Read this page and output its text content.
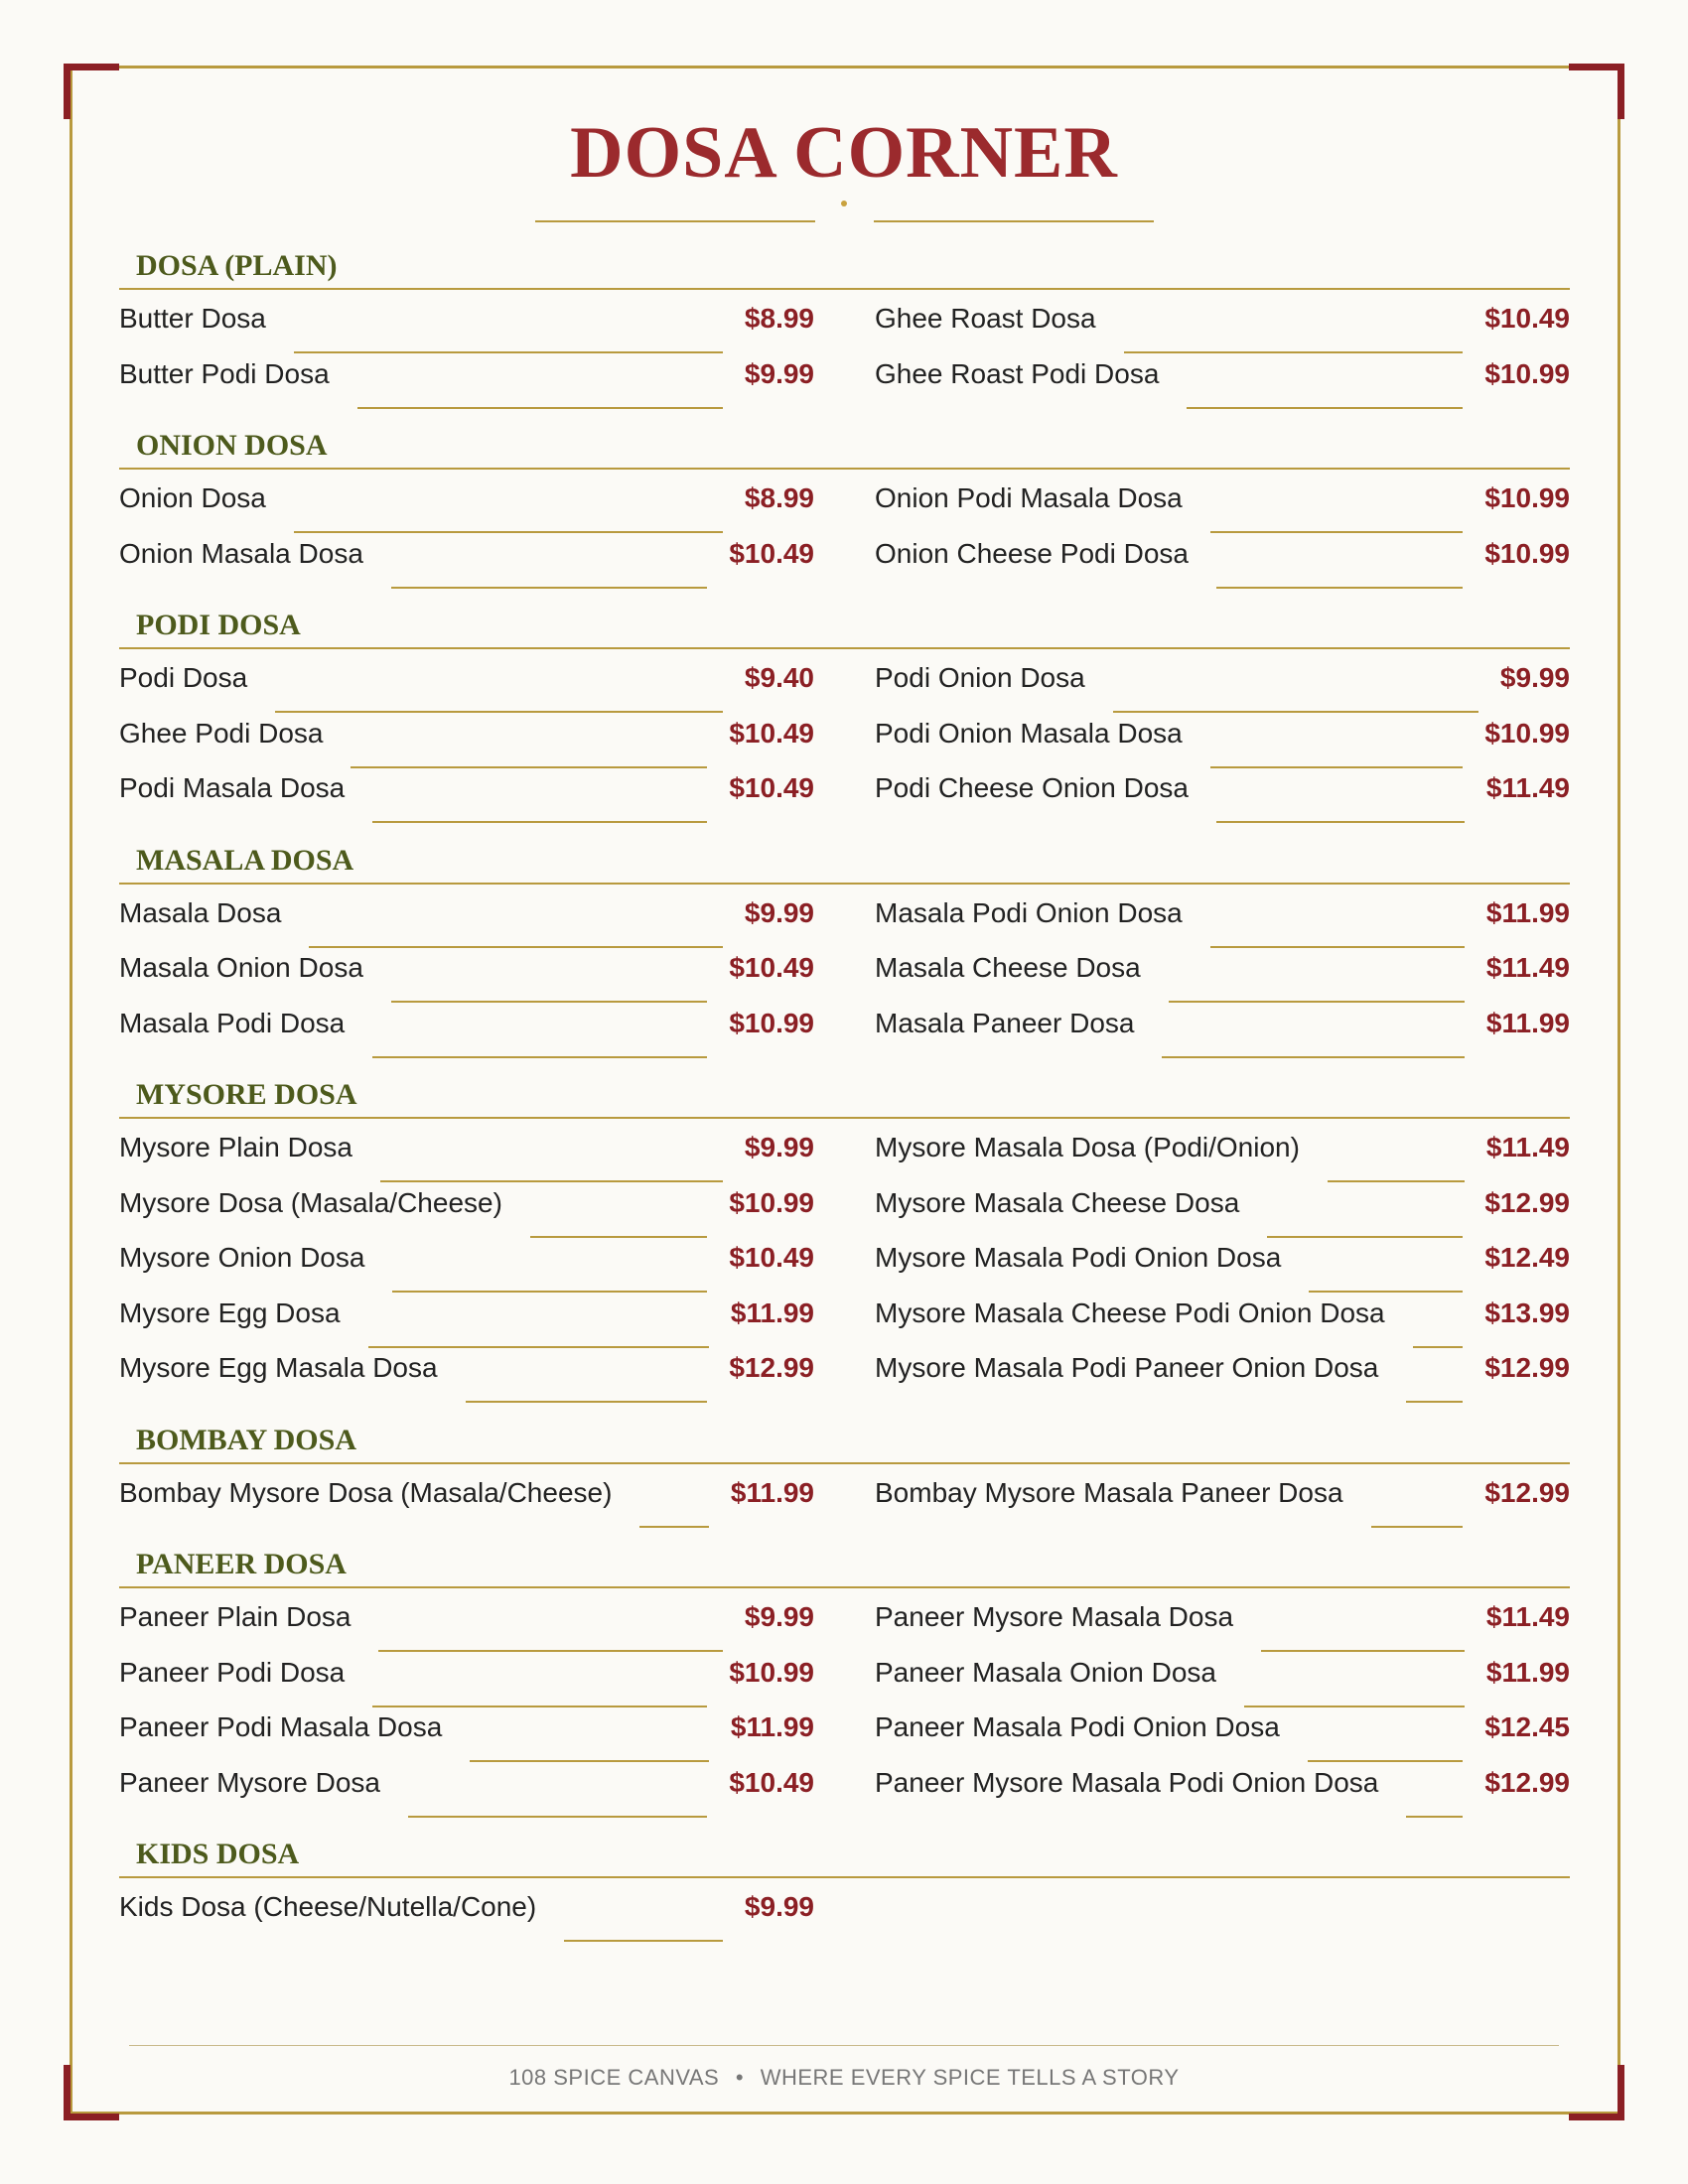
DOSA CORNER
DOSA (PLAIN)
Butter Dosa	$8.99 Ghee Roast Dosa	$10.49
Butter Podi Dosa	$9.99 Ghee Roast Podi Dosa	$10.99
ONION DOSA
Onion Dosa	$8.99 Onion Podi Masala Dosa	$10.99
Onion Masala Dosa	$10.49 Onion Cheese Podi Dosa	$10.99
PODI DOSA
Podi Dosa	$9.40 Podi Onion Dosa	$9.99
Ghee Podi Dosa	$10.49 Podi Onion Masala Dosa	$10.99
Podi Masala Dosa	$10.49 Podi Cheese Onion Dosa	$11.49
MASALA DOSA
Masala Dosa	$9.99 Masala Podi Onion Dosa	$11.99
Masala Onion Dosa	$10.49 Masala Cheese Dosa	$11.49
Masala Podi Dosa	$10.99 Masala Paneer Dosa	$11.99
MYSORE DOSA
Mysore Plain Dosa	$9.99 Mysore Masala Dosa (Podi/Onion)	$11.49
Mysore Dosa (Masala/Cheese)	$10.99 Mysore Masala Cheese Dosa	$12.99
Mysore Onion Dosa	$10.49 Mysore Masala Podi Onion Dosa	$12.49
Mysore Egg Dosa	$11.99 Mysore Masala Cheese Podi Onion Dosa	$13.99
Mysore Egg Masala Dosa	$12.99 Mysore Masala Podi Paneer Onion Dosa	$12.99
BOMBAY DOSA
Bombay Mysore Dosa (Masala/Cheese)	$11.99 Bombay Mysore Masala Paneer Dosa	$12.99
PANEER DOSA
Paneer Plain Dosa	$9.99 Paneer Mysore Masala Dosa	$11.49
Paneer Podi Dosa	$10.99 Paneer Masala Onion Dosa	$11.99
Paneer Podi Masala Dosa	$11.99 Paneer Masala Podi Onion Dosa	$12.45
Paneer Mysore Dosa	$10.49 Paneer Mysore Masala Podi Onion Dosa	$12.99
KIDS DOSA
Kids Dosa (Cheese/Nutella/Cone)	$9.99
108 SPICE CANVAS • WHERE EVERY SPICE TELLS A STORY
